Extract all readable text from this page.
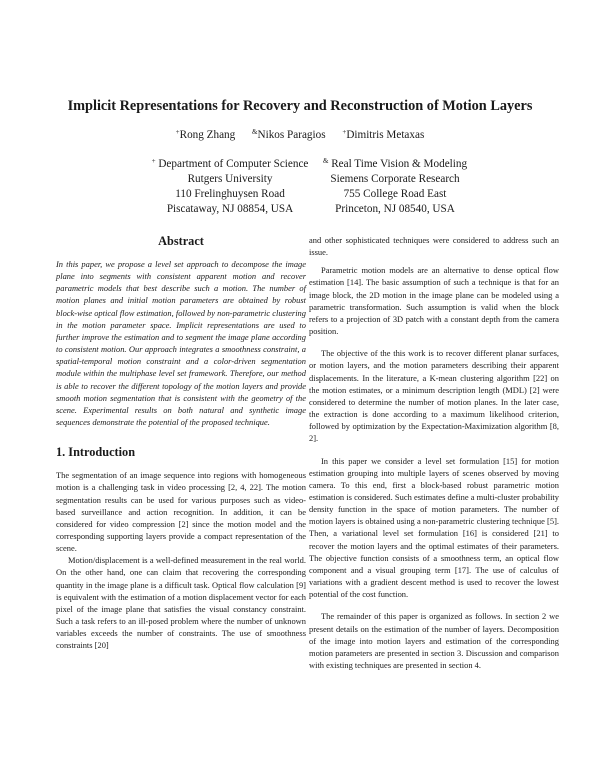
Implicit Representations for Recovery and Reconstruction of Motion Layers
+Rong Zhang &Nikos Paragios +Dimitris Metaxas
+ Department of Computer Science
Rutgers University
110 Frelinghuysen Road
Piscataway, NJ 08854, USA
& Real Time Vision & Modeling
Siemens Corporate Research
755 College Road East
Princeton, NJ 08540, USA
Abstract

In this paper, we propose a level set approach to decompose the image plane into segments with consistent apparent motion and recover parametric models that best describe such a motion. The number of motion planes and initial motion parameters are obtained by robust block-wise optical flow estimation, followed by non-parametric clustering in the motion parameter space. Implicit representations are used to further improve the estimation and to segment the image plane according to consistent motion. Our approach integrates a smoothness constraint, a spatial-temporal motion constraint and a color-driven segmentation module within the multiphase level set framework. Therefore, our method is able to recover the different topology of the motion layers and provide smooth motion segmentation that is consistent with the geometry of the scene. Experimental results on both natural and synthetic image sequences demonstrate the potential of the proposed technique.

1. Introduction

The segmentation of an image sequence into regions with homogeneous motion is a challenging task in video processing [2, 4, 22]. The motion segmentation results can be used for various purposes such as video-based surveillance and action recognition. In addition, it can be considered for video compression [2] since the motion model and the corresponding supporting layers provide a compact representation of the scene.

Motion/displacement is a well-defined measurement in the real world. On the other hand, one can claim that recovering the corresponding quantity in the image plane is a difficult task. Optical flow calculation [9] is equivalent with the estimation of a motion displacement vector for each pixel of the image plane that satisfies the visual constancy constraint. Such a task refers to an ill-posed problem where the number of unknown variables exceeds the number of constraints. The use of smoothness constraints [20]

and other sophisticated techniques were considered to address such an issue.

Parametric motion models are an alternative to dense optical flow estimation [14]. The basic assumption of such a technique is that for an image block, the 2D motion in the image plane can be modeled using a parametric transformation. Such assumption is valid when the block refers to a projection of 3D patch with a constant depth from the camera position.

The objective of the this work is to recover different planar surfaces, or motion layers, and the motion parameters describing their apparent displacements. In the literature, a K-mean clustering algorithm [22] on the motion estimates, or a minimum description length (MDL) [2] were considered to determine the number of motion planes. In the later case, the extraction is done according to a maximum likelihood criterion, followed by optimization by the Expectation-Maximization algorithm [8, 2].

In this paper we consider a level set formulation [15] for motion estimation grouping into multiple layers of scenes observed by moving camera. To this end, first a block-based robust parametric motion estimation is considered. Such estimates define a multi-cluster probability density function in the space of motion parameters. The number of motion layers is obtained using a non-parametric clustering technique [5]. Then, a variational level set formulation [16] is considered [21] to recover the motion layers and the optimal estimates of their parameters. The objective function consists of a smoothness term, an optical flow component and a visual grouping term [17]. The use of calculus of variations with a gradient descent method is used to recover the lowest potential of the cost function.

The remainder of this paper is organized as follows. In section 2 we present details on the estimation of the number of layers. Decomposition of the image into motion layers and estimation of the corresponding motion parameters are presented in section 3. Discussion and comparison with existing techniques are presented in section 4.
